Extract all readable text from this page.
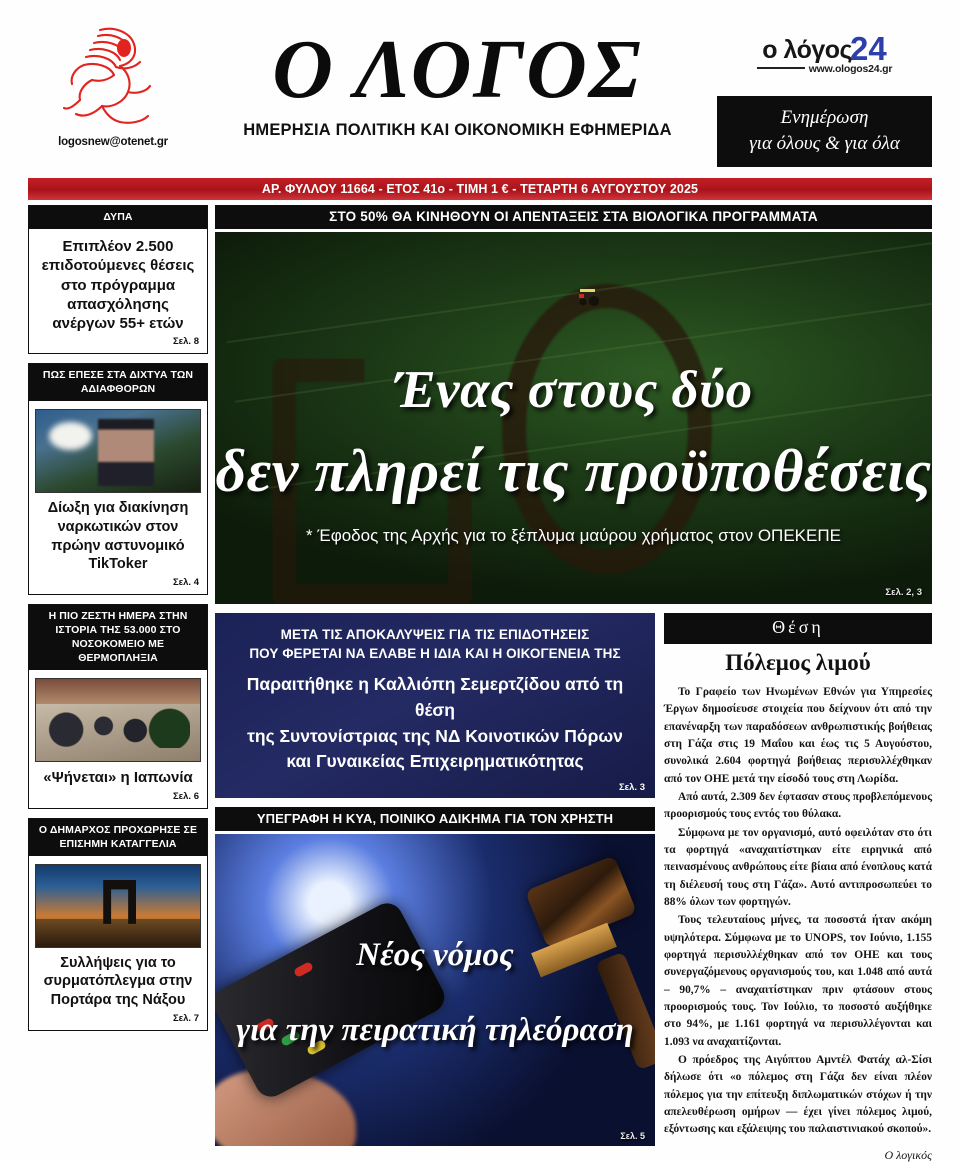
logosnew@otenet.gr
Ο ΛΟΓΟΣ
ΗΜΕΡΗΣΙΑ ΠΟΛΙΤΙΚΗ ΚΑΙ ΟΙΚΟΝΟΜΙΚΗ ΕΦΗΜΕΡΙΔΑ
ο λόγος24
www.ologos24.gr
Ενημέρωση
για όλους & για όλα
ΑΡ. ΦΥΛΛΟΥ 11664 - ΕΤΟΣ 41ο - ΤΙΜΗ 1 € - ΤΕΤΑΡΤΗ 6 ΑΥΓΟΥΣΤΟΥ 2025
ΔΥΠΑ
Επιπλέον 2.500 επιδοτούμενες θέσεις στο πρόγραμμα απασχόλησης ανέργων 55+ ετών
Σελ. 8
ΠΩΣ ΕΠΕΣΕ ΣΤΑ ΔΙΧΤΥΑ ΤΩΝ ΑΔΙΑΦΘΟΡΩΝ
Δίωξη για διακίνηση ναρκωτικών στον πρώην αστυνομικό TikToker
Σελ. 4
Η ΠΙΟ ΖΕΣΤΗ ΗΜΕΡΑ ΣΤΗΝ ΙΣΤΟΡΙΑ ΤΗΣ 53.000 ΣΤΟ ΝΟΣΟΚΟΜΕΙΟ ΜΕ ΘΕΡΜΟΠΛΗΞΙΑ
«Ψήνεται» η Ιαπωνία
Σελ. 6
Ο ΔΗΜΑΡΧΟΣ ΠΡΟΧΩΡΗΣΕ ΣΕ ΕΠΙΣΗΜΗ ΚΑΤΑΓΓΕΛΙΑ
Συλλήψεις για το συρματόπλεγμα στην Πορτάρα της Νάξου
Σελ. 7
ΣΤΟ 50% ΘΑ ΚΙΝΗΘΟΥΝ ΟΙ ΑΠΕΝΤΑΞΕΙΣ ΣΤΑ ΒΙΟΛΟΓΙΚΑ ΠΡΟΓΡΑΜΜΑΤΑ
Ένας στους δύο
δεν πληρεί τις προϋποθέσεις
* Έφοδος της Αρχής για το ξέπλυμα μαύρου χρήματος στον ΟΠΕΚΕΠΕ
Σελ. 2, 3
ΜΕΤΑ ΤΙΣ ΑΠΟΚΑΛΥΨΕΙΣ ΓΙΑ ΤΙΣ ΕΠΙΔΟΤΗΣΕΙΣ
ΠΟΥ ΦΕΡΕΤΑΙ ΝΑ ΕΛΑΒΕ Η ΙΔΙΑ ΚΑΙ Η ΟΙΚΟΓΕΝΕΙΑ ΤΗΣ
Παραιτήθηκε η Καλλιόπη Σεμερτζίδου από τη θέση
της Συντονίστριας της ΝΔ Κοινοτικών Πόρων
και Γυναικείας Επιχειρηματικότητας
Σελ. 3
ΥΠΕΓΡΑΦΗ Η ΚΥΑ, ΠΟΙΝΙΚΟ ΑΔΙΚΗΜΑ ΓΙΑ ΤΟΝ ΧΡΗΣΤΗ
Νέος νόμος
για την πειρατική τηλεόραση
Σελ. 5
Θέση
Πόλεμος λιμού

Το Γραφείο των Ηνωμένων Εθνών για Υπηρεσίες Έργων δημοσίευσε στοιχεία που δείχνουν ότι από την επανέναρξη των παραδόσεων ανθρωπιστικής βοήθειας στη Γάζα στις 19 Μαΐου και έως τις 5 Αυγούστου, συνολικά 2.604 φορτηγά βοήθειας περισυλλέχθηκαν από τον ΟΗΕ μετά την είσοδό τους στη Λωρίδα.

Από αυτά, 2.309 δεν έφτασαν στους προβλεπόμενους προορισμούς τους εντός του θύλακα.

Σύμφωνα με τον οργανισμό, αυτό οφειλόταν στο ότι τα φορτηγά «αναχαιτίστηκαν είτε ειρηνικά από πεινασμένους ανθρώπους είτε βίαια από ένοπλους κατά τη διέλευσή τους στη Γάζα». Αυτό αντιπροσωπεύει το 88% όλων των φορτηγών.

Τους τελευταίους μήνες, τα ποσοστά ήταν ακόμη υψηλότερα. Σύμφωνα με το UNOPS, τον Ιούνιο, 1.155 φορτηγά περισυλλέχθηκαν από τον ΟΗΕ και τους συνεργαζόμενους οργανισμούς του, και 1.048 από αυτά – 90,7% – αναχαιτίστηκαν πριν φτάσουν στους προορισμούς τους. Τον Ιούλιο, το ποσοστό αυξήθηκε στο 94%, με 1.161 φορτηγά να περισυλλέγονται και 1.093 να αναχαιτίζονται.

Ο πρόεδρος της Αιγύπτου Αμντέλ Φατάχ αλ-Σίσι δήλωσε ότι «ο πόλεμος στη Γάζα δεν είναι πλέον πόλεμος για την επίτευξη διπλωματικών στόχων ή την απελευθέρωση ομήρων — έχει γίνει πόλεμος λιμού, εξόντωσης και εξάλειψης του παλαιστινιακού σκοπού».

Ο λογικός
